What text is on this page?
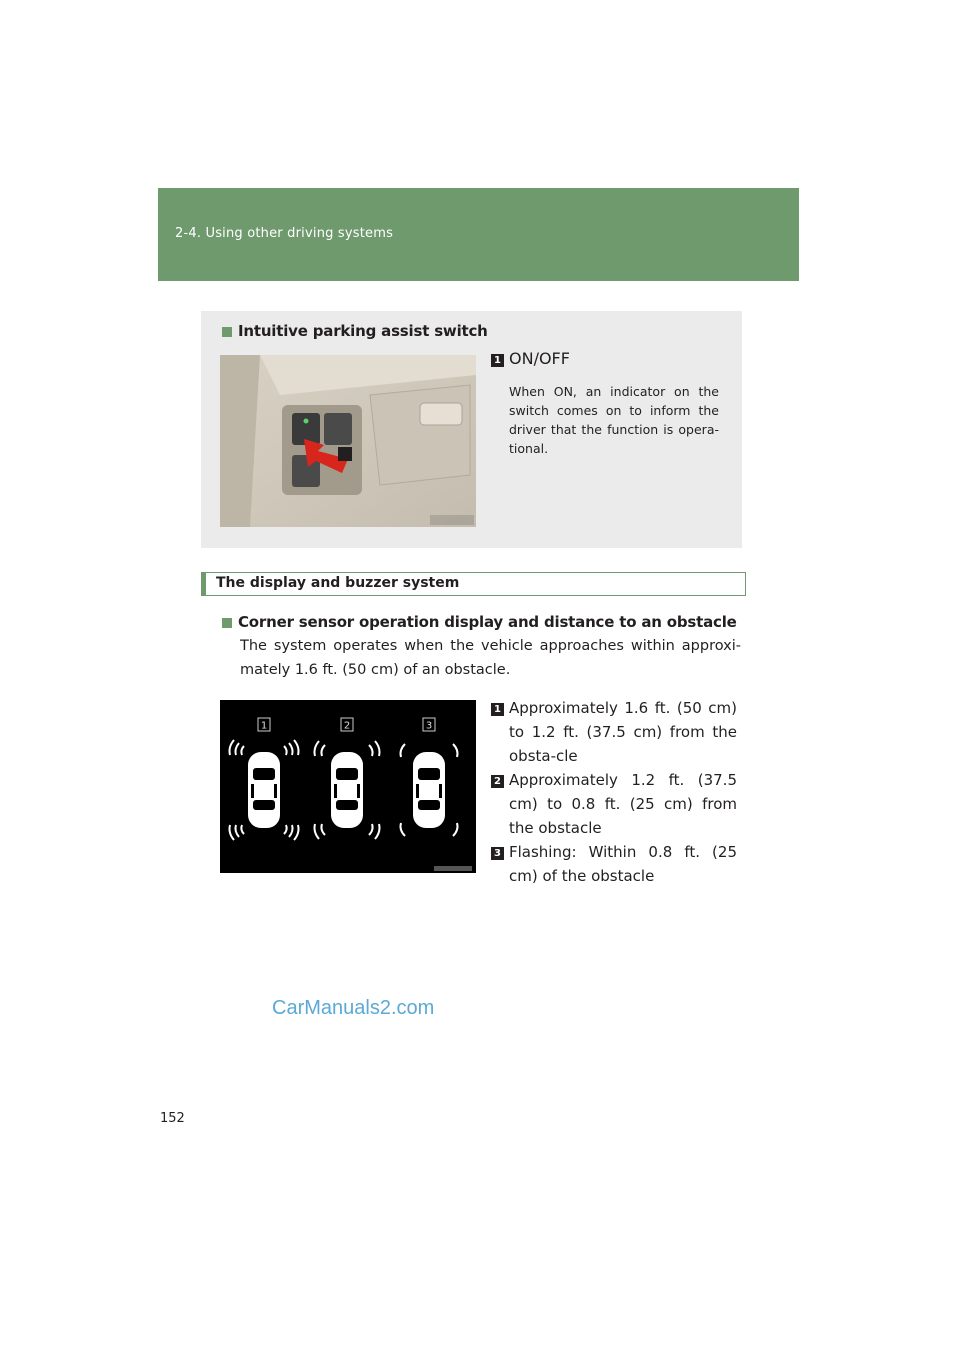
2-4. Using other driving systems
Intuitive parking assist switch
1 ON/OFF
When ON, an indicator on the switch comes on to inform the driver that the function is opera-tional.
The display and buzzer system
Corner sensor operation display and distance to an obstacle
The system operates when the vehicle approaches within approxi-mately 1.6 ft. (50 cm) of an obstacle.
1	2	3
1 Approximately 1.6 ft. (50 cm) to 1.2 ft. (37.5 cm) from the obsta-cle
2 Approximately 1.2 ft. (37.5 cm) to 0.8 ft. (25 cm) from the obstacle
3 Flashing: Within 0.8 ft. (25 cm) of the obstacle
CarManuals2.com
152
